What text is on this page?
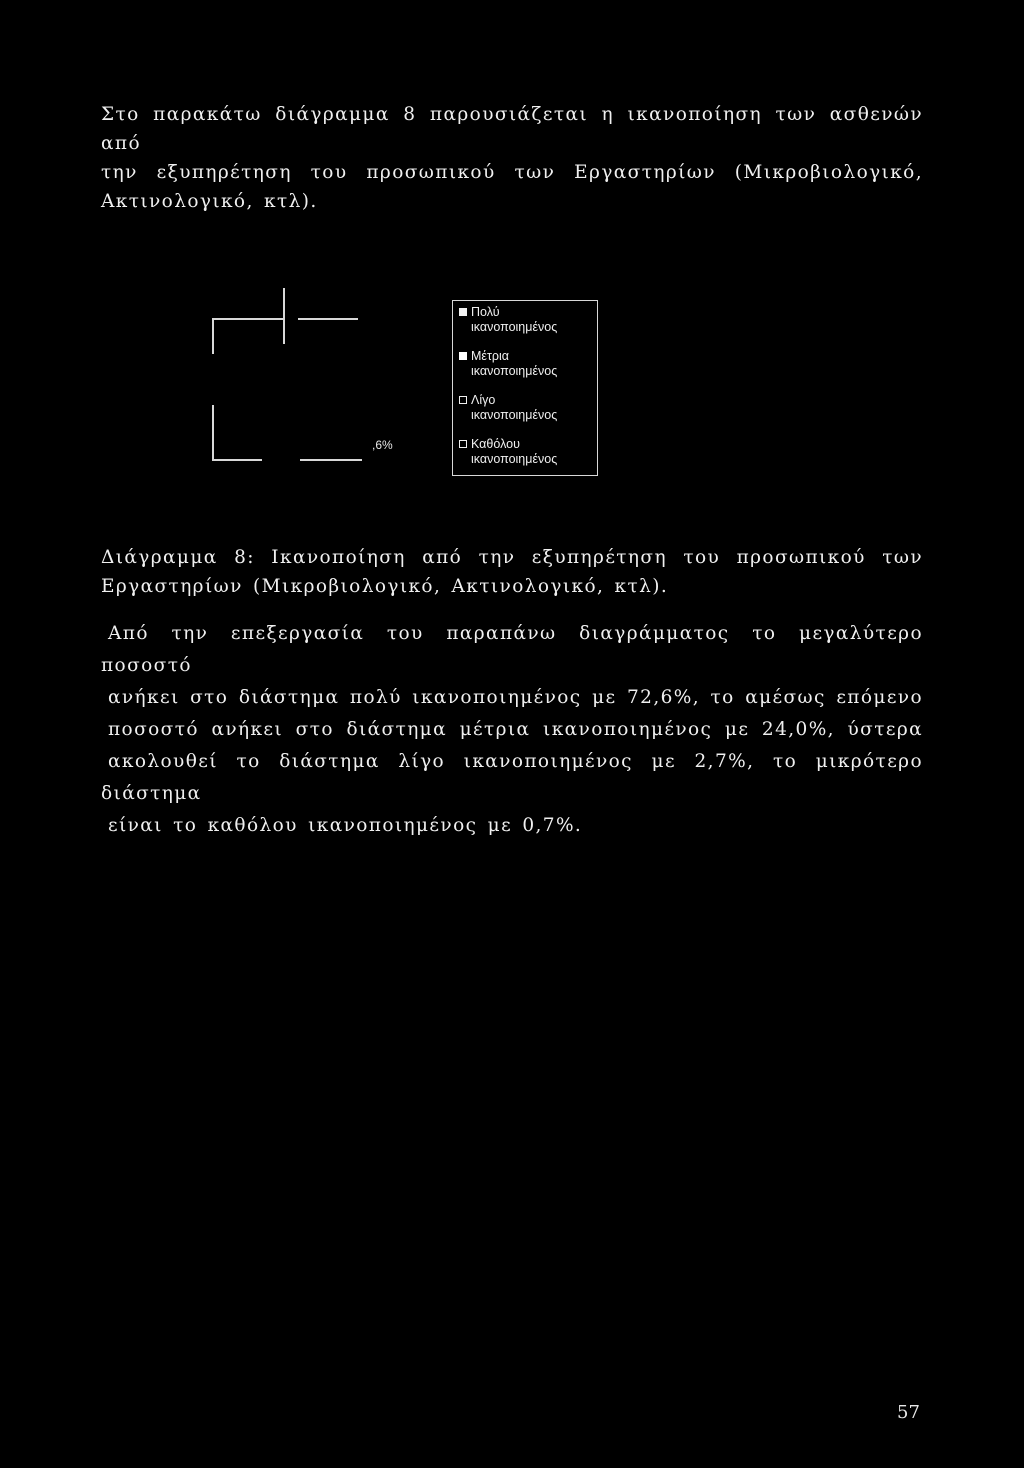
Στο παρακάτω διάγραμμα 8 παρουσιάζεται η ικανοποίηση των ασθενών από
την εξυπηρέτηση του προσωπικού των Εργαστηρίων (Μικροβιολογικό,
Ακτινολογικό, κτλ).
,6%
Πολύ
ικανοποιημένος
Μέτρια
ικανοποιημένος
Λίγο
ικανοποιημένος
Καθόλου
ικανοποιημένος
Διάγραμμα 8: Ικανοποίηση από την εξυπηρέτηση του προσωπικού των
Εργαστηρίων (Μικροβιολογικό, Ακτινολογικό, κτλ).
Από την επεξεργασία του παραπάνω διαγράμματος το μεγαλύτερο ποσοστό
ανήκει στο διάστημα πολύ ικανοποιημένος με 72,6%, το αμέσως επόμενο
ποσοστό ανήκει στο διάστημα μέτρια ικανοποιημένος με 24,0%, ύστερα
ακολουθεί το διάστημα λίγο ικανοποιημένος με 2,7%, το μικρότερο διάστημα
είναι το καθόλου ικανοποιημένος με 0,7%.
57
